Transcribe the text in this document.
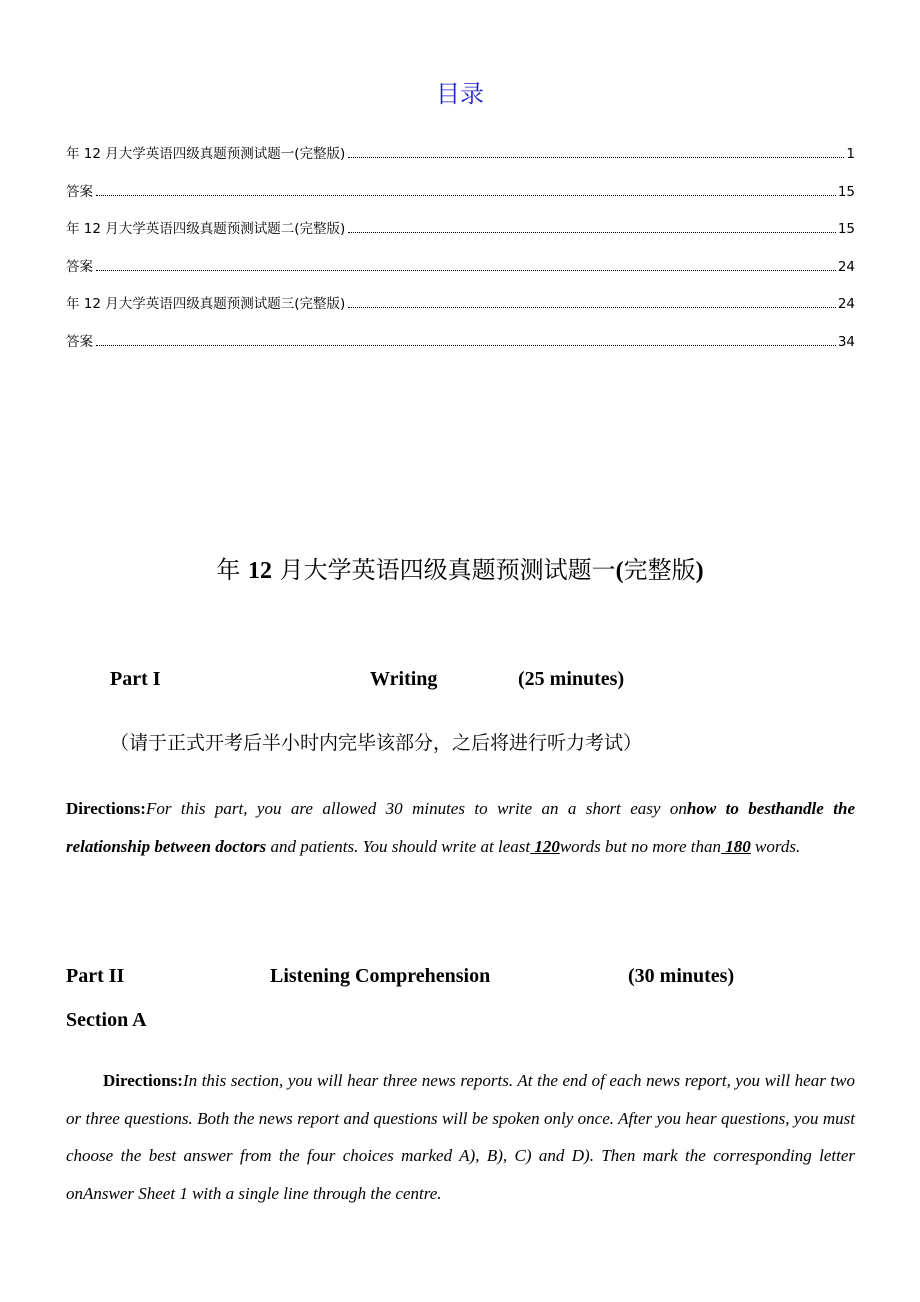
目录
年 12 月大学英语四级真题预测试题一(完整版)	1
答案	15
年 12 月大学英语四级真题预测试题二(完整版)	15
答案	24
年 12 月大学英语四级真题预测试题三(完整版)	24
答案	34
年 12 月大学英语四级真题预测试题一(完整版)
Part I	Writing	(25 minutes)
（请于正式开考后半小时内完毕该部分，之后将进行听力考试）
Directions:For this part, you are allowed 30 minutes to write an a short easy onhow to besthandle the relationship between doctors and patients. You should write at least 120words but no more than 180 words.
Part II	Listening Comprehension	(30 minutes)
Section A
Directions:In this section, you will hear three news reports. At the end of each news report, you will hear two or three questions. Both the news report and questions will be spoken only once. After you hear questions, you must choose the best answer from the four choices marked A), B), C) and D). Then mark the corresponding letter onAnswer Sheet 1 with a single line through the centre.
